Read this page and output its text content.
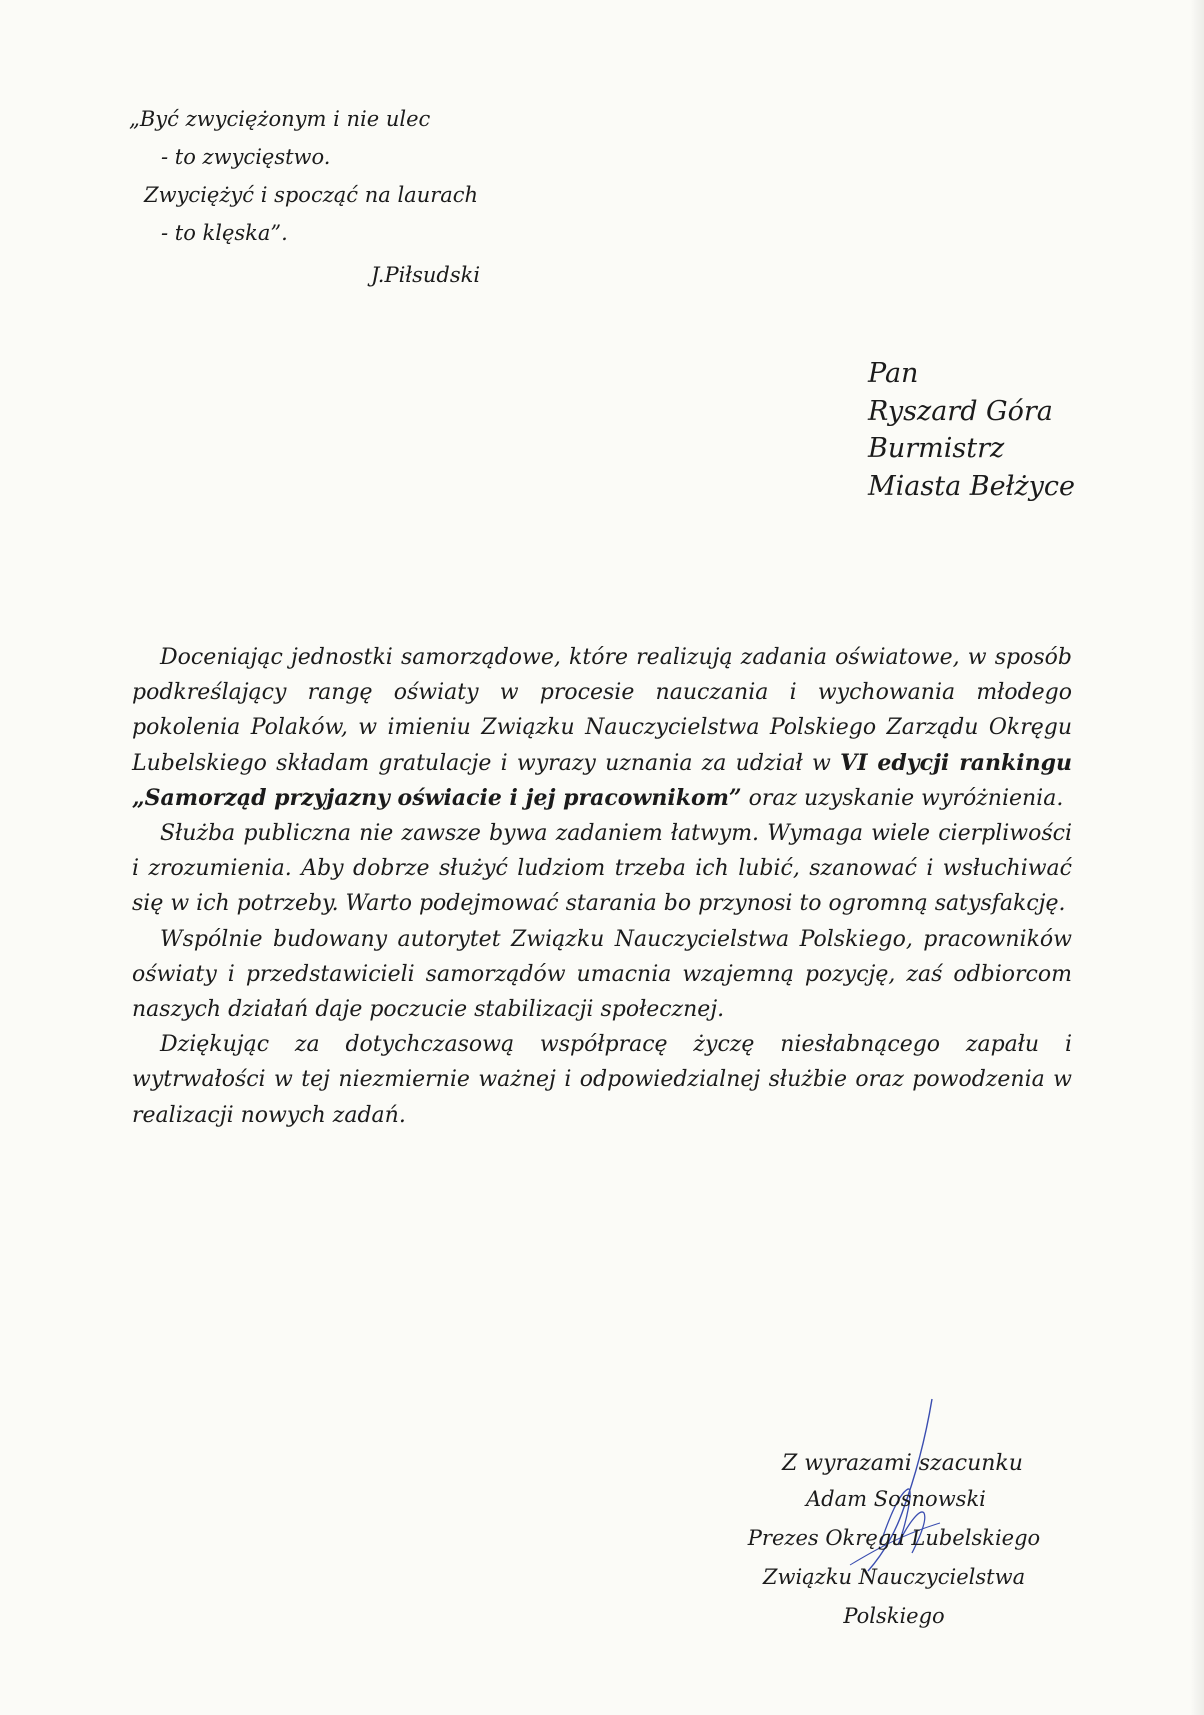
„Być zwyciężonym i nie ulec
- to zwycięstwo.
Zwyciężyć i spocząć na laurach
- to klęska”.
J.Piłsudski
Pan
Ryszard Góra
Burmistrz
Miasta Bełżyce

Doceniając jednostki samorządowe, które realizują zadania oświatowe, w sposób podkreślający rangę oświaty w procesie nauczania i wychowania młodego pokolenia Polaków, w imieniu Związku Nauczycielstwa Polskiego Zarządu Okręgu Lubelskiego składam gratulacje i wyrazy uznania za udział w VI edycji rankingu „Samorząd przyjazny oświacie i jej pracownikom” oraz uzyskanie wyróżnienia.

Służba publiczna nie zawsze bywa zadaniem łatwym. Wymaga wiele cierpliwości i zrozumienia. Aby dobrze służyć ludziom trzeba ich lubić, szanować i wsłuchiwać się w ich potrzeby. Warto podejmować starania bo przynosi to ogromną satysfakcję.

Wspólnie budowany autorytet Związku Nauczycielstwa Polskiego, pracowników oświaty i przedstawicieli samorządów umacnia wzajemną pozycję, zaś odbiorcom naszych działań daje poczucie stabilizacji społecznej.

Dziękując za dotychczasową współpracę życzę niesłabnącego zapału i wytrwałości w tej niezmiernie ważnej i odpowiedzialnej służbie oraz powodzenia w realizacji nowych zadań.

Z wyrazami szacunku
Adam Sosnowski
Prezes Okręgu Lubelskiego
Związku Nauczycielstwa Polskiego
